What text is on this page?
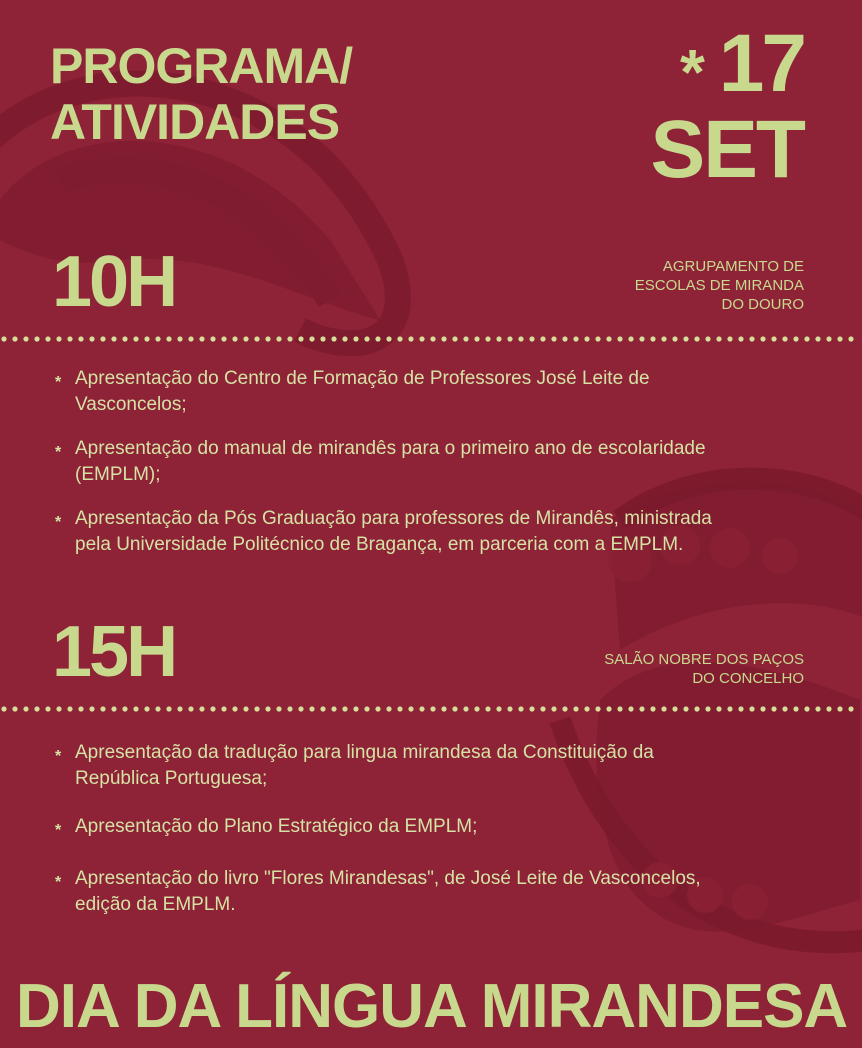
PROGRAMA/
ATIVIDADES
* 17
SET
10H	AGRUPAMENTO DE
ESCOLAS DE MIRANDA
DO DOURO
* Apresentação do Centro de Formação de Professores José Leite de Vasconcelos;
* Apresentação do manual de mirandês para o primeiro ano de escolaridade (EMPLM);
* Apresentação da Pós Graduação para professores de Mirandês, ministrada pela Universidade Politécnico de Bragança, em parceria com a EMPLM.
15H	SALÃO NOBRE DOS PAÇOS
DO CONCELHO
* Apresentação da tradução para lingua mirandesa da Constituição da República Portuguesa;
* Apresentação do Plano Estratégico da EMPLM;
* Apresentação do livro "Flores Mirandesas", de José Leite de Vasconcelos, edição da EMPLM.
DIA DA LÍNGUA MIRANDESA
